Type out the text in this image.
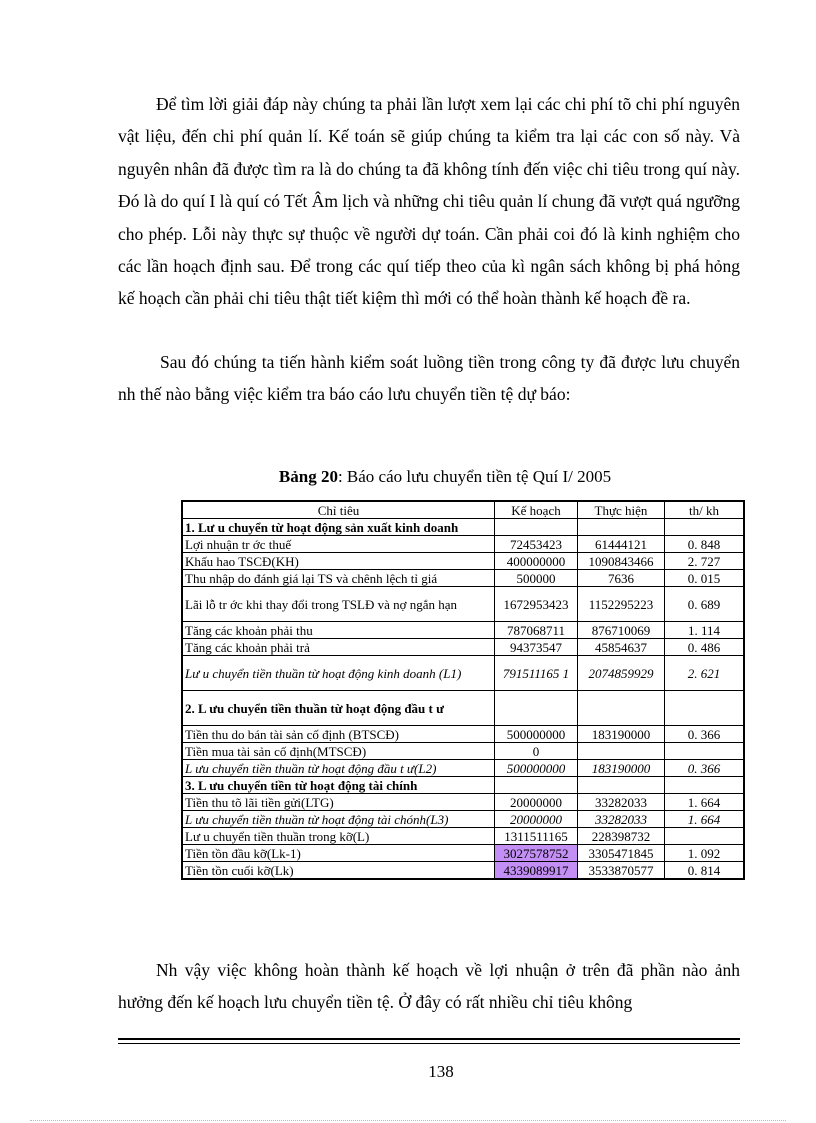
Để tìm lời giải đáp này chúng ta phải lần lượt xem lại các chi phí tõ chi phí nguyên vật liệu, đến chi phí quản lí. Kế toán sẽ giúp chúng ta kiểm tra lại các con số này. Và nguyên nhân đã được tìm ra là do chúng ta đã không tính đến việc chi tiêu trong quí này. Đó là do quí I là quí có Tết Âm lịch và những chi tiêu quản lí chung đã vượt quá ngưỡng cho phép. Lỗi này thực sự thuộc về người dự toán. Cần phải coi đó là kinh nghiệm cho các lần hoạch định sau. Để trong các quí tiếp theo của kì ngân sách không bị phá hỏng kế hoạch cần phải chi tiêu thật tiết kiệm thì mới có thể hoàn thành kế hoạch đề ra.
Sau đó chúng ta tiến hành kiểm soát luồng tiền trong công ty đã được lưu chuyển nh thế nào bằng việc kiểm tra báo cáo lưu chuyển tiền tệ dự báo:
Bảng 20: Báo cáo lưu chuyển tiền tệ Quí I/ 2005
Chỉ tiêu	Kế hoạch	Thực hiện	th/ kh
1. Lư u chuyển từ hoạt động sản xuất kinh doanh			
Lợi nhuận tr ớc thuế	72453423	61444121	0. 848
Khấu hao TSCĐ(KH)	400000000	1090843466	2. 727
Thu nhập do đánh giá lại TS và chênh lệch tỉ giá	500000	7636	0. 015
Lãi lỗ tr ớc khi thay đổi trong TSLĐ và nợ ngắn hạn	1672953423	1152295223	0. 689
Tăng các khoản phải thu	787068711	876710069	1. 114
Tăng các khoản phải trả	94373547	45854637	0. 486
Lư u chuyển tiền thuần từ hoạt động kinh doanh (L1)	791511165 1	2074859929	2. 621
2. L ưu chuyển tiền thuần từ hoạt động đầu t ư			
Tiền thu do bán tài sản cố định (BTSCĐ)	500000000	183190000	0. 366
Tiền mua tài sản cố định(MTSCĐ)	0		
L ưu chuyển tiền thuần từ hoạt động đầu t ư(L2)	500000000	183190000	0. 366
3. L ưu chuyển tiền từ hoạt động tài chính			
Tiền thu tõ lãi tiền gửi(LTG)	20000000	33282033	1. 664
L ưu chuyển tiền thuần từ hoạt động tài chónh(L3)	20000000	33282033	1. 664
Lư u chuyển tiền thuần trong kỡ(L)	1311511165	228398732	
Tiền tồn đầu kỡ(Lk-1)	3027578752	3305471845	1. 092
Tiền tồn cuối kỡ(Lk)	4339089917	3533870577	0. 814
Nh vậy việc không hoàn thành kế hoạch về lợi nhuận ở trên đã phần nào ảnh hưởng đến kế hoạch lưu chuyển tiền tệ. Ở đây có rất nhiều chỉ tiêu không
138
